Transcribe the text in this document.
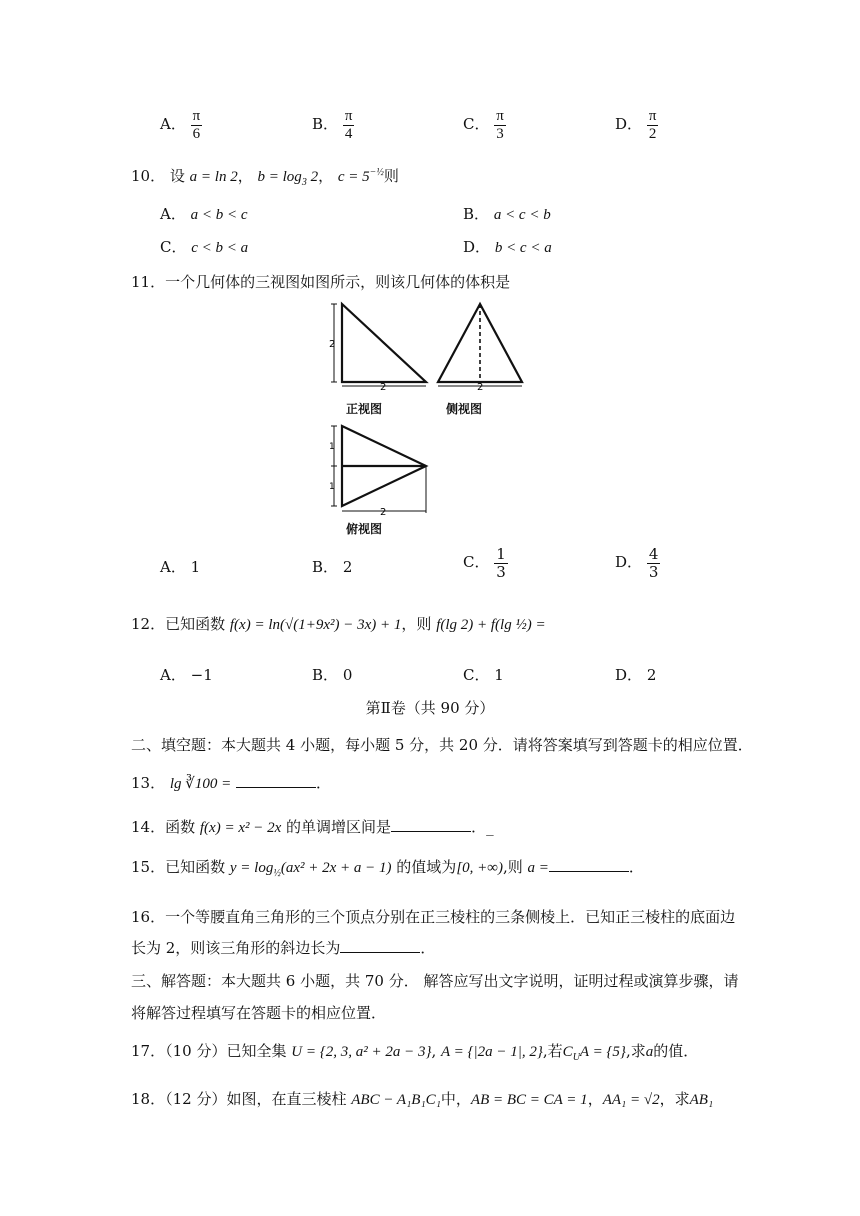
A． $\frac{\pi}{6}$	B． $\frac{\pi}{4}$	C． $\frac{\pi}{3}$	D． $\frac{\pi}{2}$
10． 设 a = ln 2， $b = \log_3 2$， $c = 5^{-\frac{1}{2}}$则
A． a < b < c	B． a < c < b
C． c < b < a	D． b < c < a
11．一个几何体的三视图如图所示，则该几何体的体积是
2
2	2
1
1
2
正视图	侧视图
俯视图
A． 1	B． 2	C． $\frac{1}{3}$	D． $\frac{4}{3}$
12．已知函数 f(x) = ln(√(1+9x²) − 3x) + 1，则 f(lg 2) + f(lg ½) =
A． −1	B． 0	C． 1	D． 2
第Ⅱ卷（共 90 分）
二、填空题：本大题共 4 小题，每小题 5 分，共 20 分．请将答案填写到答题卡的相应位置．
13． lg ∛100 =	．
14．函数 f(x) = x² − 2x 的单调增区间是	．_
15．已知函数 $y = \log_{\frac{1}{2}}(ax^2 + 2x + a - 1)$ 的值域为[0, +∞),则 a =	．
16．一个等腰直角三角形的三个顶点分别在正三棱柱的三条侧棱上．已知正三棱柱的底面边
长为 2，则该三角形的斜边长为	．
三、解答题：本大题共 6 小题，共 70 分． 解答应写出文字说明，证明过程或演算步骤，请
将解答过程填写在答题卡的相应位置．
17．（10 分）已知全集 U = {2, 3, a² + 2a − 3}, A = {|2a − 1|, 2},若$C_UA = \{5\}$,求a的值．
18．（12 分）如图，在直三棱柱 ABC − A₁B₁C₁中，AB = BC = CA = 1，AA₁ = √2，求AB₁
